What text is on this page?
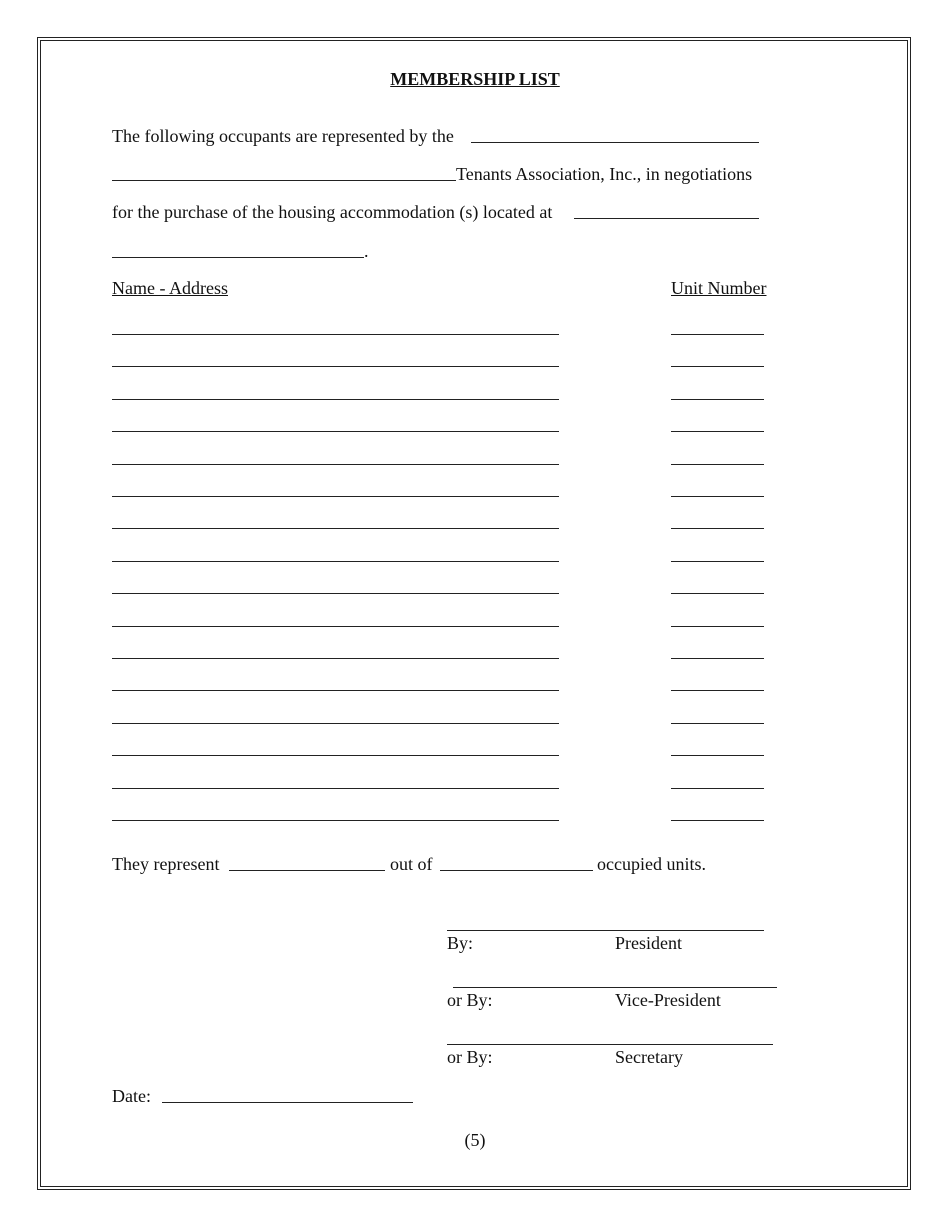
MEMBERSHIP LIST
The following occupants are represented by the
Tenants Association, Inc., in negotiations
for the purchase of the housing accommodation (s) located at
.
Name - Address	Unit Number
They represent	out of	occupied units.
By:	President
or By:	Vice-President
or By:	Secretary
Date:
(5)
